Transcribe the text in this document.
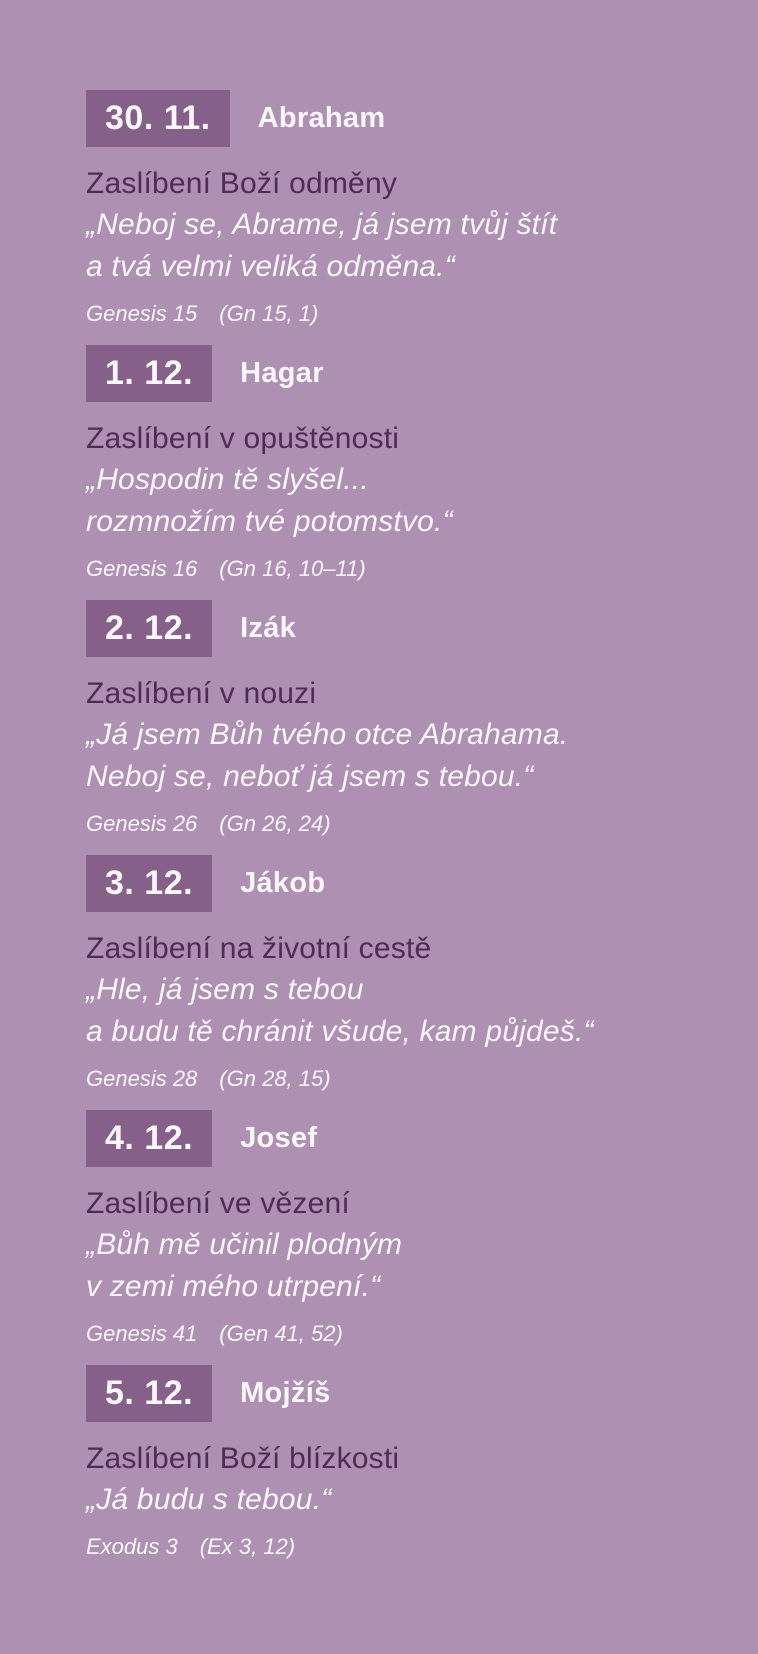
30. 11.	Abraham
Zaslíbení Boží odměny
„Neboj se, Abrame, já jsem tvůj štít
a tvá velmi veliká odměna.“
Genesis 15 (Gn 15, 1)
1. 12.	Hagar
Zaslíbení v opuštěnosti
„Hospodin tě slyšel...
rozmnožím tvé potomstvo.“
Genesis 16 (Gn 16, 10–11)
2. 12.	Izák
Zaslíbení v nouzi
„Já jsem Bůh tvého otce Abrahama.
Neboj se, neboť já jsem s tebou.“
Genesis 26 (Gn 26, 24)
3. 12.	Jákob
Zaslíbení na životní cestě
„Hle, já jsem s tebou
a budu tě chránit všude, kam půjdeš.“
Genesis 28 (Gn 28, 15)
4. 12.	Josef
Zaslíbení ve vězení
„Bůh mě učinil plodným
v zemi mého utrpení.“
Genesis 41 (Gen 41, 52)
5. 12.	Mojžíš
Zaslíbení Boží blízkosti
„Já budu s tebou.“
Exodus 3 (Ex 3, 12)
